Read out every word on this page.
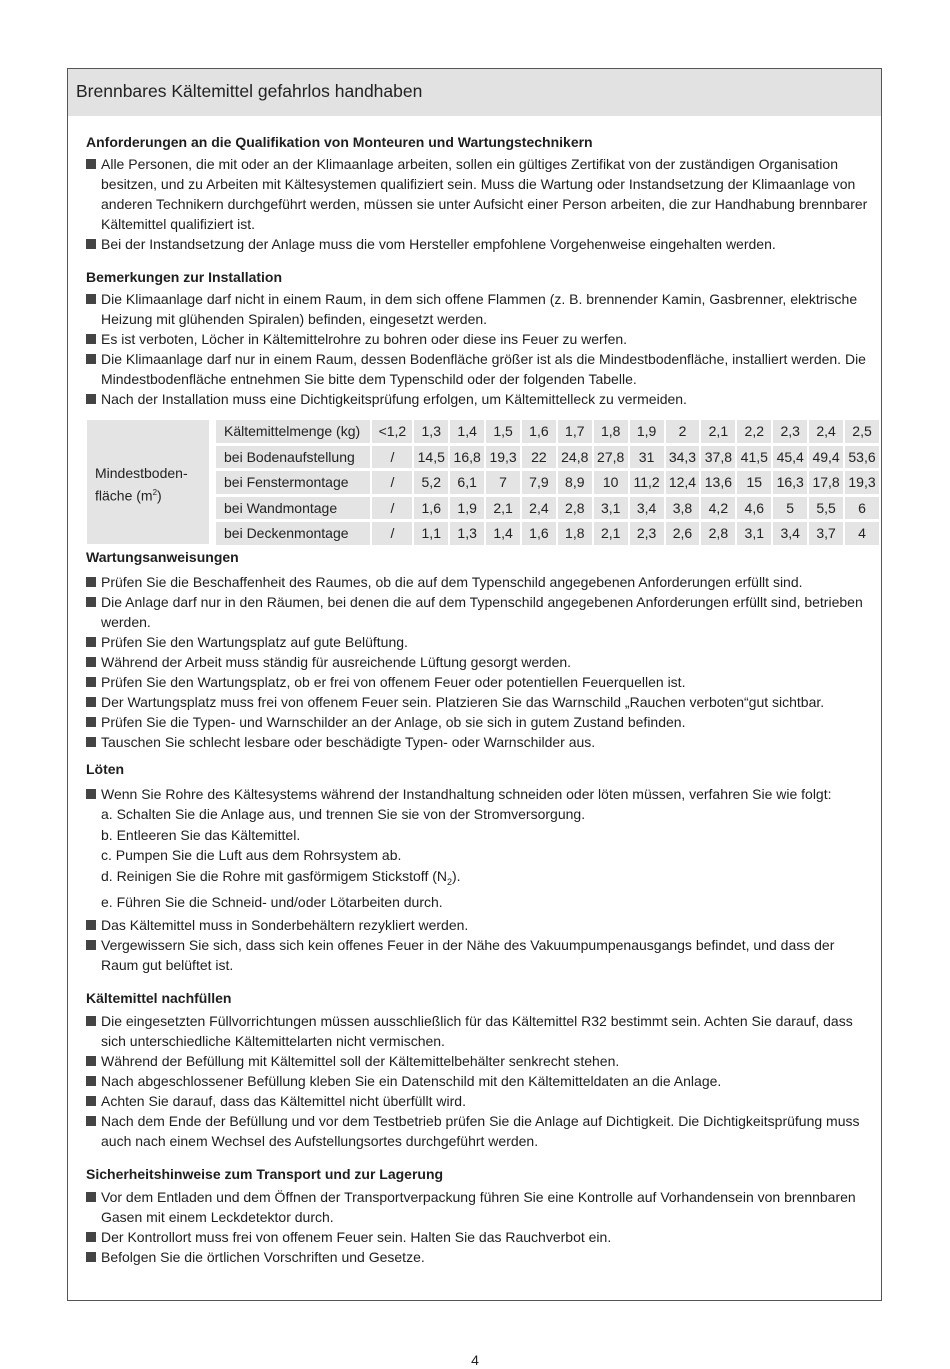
Brennbares Kältemittel gefahrlos handhaben
Anforderungen an die Qualifikation von Monteuren und Wartungstechnikern
Alle Personen, die mit oder an der Klimaanlage arbeiten, sollen ein gültiges Zertifikat von der zuständigen Organisation besitzen, und zu Arbeiten mit Kältesystemen qualifiziert sein. Muss die Wartung oder Instandsetzung der Klimaanlage von anderen Technikern durchgeführt werden, müssen sie unter Aufsicht einer Person arbeiten, die zur Handhabung brennbarer Kältemittel qualifiziert ist.
Bei der Instandsetzung der Anlage muss die vom Hersteller empfohlene Vorgehenweise eingehalten werden.
Bemerkungen zur Installation
Die Klimaanlage darf nicht in einem Raum, in dem sich offene Flammen (z. B. brennender Kamin, Gasbrenner, elektrische Heizung mit glühenden Spiralen) befinden, eingesetzt werden.
Es ist verboten, Löcher in Kältemittelrohre zu bohren oder diese ins Feuer zu werfen.
Die Klimaanlage darf nur in einem Raum, dessen Bodenfläche größer ist als die Mindestbodenfläche, installiert werden. Die Mindestbodenfläche entnehmen Sie bitte dem Typenschild oder der folgenden Tabelle.
Nach der Installation muss eine Dichtigkeitsprüfung erfolgen, um Kältemittelleck zu vermeiden.
Mindestboden-
fläche $(m^2)$
Kältemittelmenge (kg)	<1,2	1,3	1,4	1,5	1,6	1,7	1,8	1,9	2	2,1	2,2	2,3	2,4	2,5
bei Bodenaufstellung	/	14,5	16,8	19,3	22	24,8	27,8	31	34,3	37,8	41,5	45,4	49,4	53,6
bei Fenstermontage	/	5,2	6,1	7	7,9	8,9	10	11,2	12,4	13,6	15	16,3	17,8	19,3
bei Wandmontage	/	1,6	1,9	2,1	2,4	2,8	3,1	3,4	3,8	4,2	4,6	5	5,5	6
bei Deckenmontage	/	1,1	1,3	1,4	1,6	1,8	2,1	2,3	2,6	2,8	3,1	3,4	3,7	4
Wartungsanweisungen
Prüfen Sie die Beschaffenheit des Raumes, ob die auf dem Typenschild angegebenen Anforderungen erfüllt sind.
Die Anlage darf nur in den Räumen, bei denen die auf dem Typenschild angegebenen Anforderungen erfüllt sind, betrieben werden.
Prüfen Sie den Wartungsplatz auf gute Belüftung.
Während der Arbeit muss ständig für ausreichende Lüftung gesorgt werden.
Prüfen Sie den Wartungsplatz, ob er frei von offenem Feuer oder potentiellen Feuerquellen ist.
Der Wartungsplatz muss frei von offenem Feuer sein. Platzieren Sie das Warnschild „Rauchen verboten“gut sichtbar.
Prüfen Sie die Typen- und Warnschilder an der Anlage, ob sie sich in gutem Zustand befinden.
Tauschen Sie schlecht lesbare oder beschädigte Typen- oder Warnschilder aus.
Löten
Wenn Sie Rohre des Kältesystems während der Instandhaltung schneiden oder löten müssen, verfahren Sie wie folgt:
a. Schalten Sie die Anlage aus, und trennen Sie sie von der Stromversorgung.
b. Entleeren Sie das Kältemittel.
c. Pumpen Sie die Luft aus dem Rohrsystem ab.
d. Reinigen Sie die Rohre mit gasförmigem Stickstoff $(N_2)$.
e. Führen Sie die Schneid- und/oder Lötarbeiten durch.
Das Kältemittel muss in Sonderbehältern rezykliert werden.
Vergewissern Sie sich, dass sich kein offenes Feuer in der Nähe des Vakuumpumpenausgangs befindet, und dass der Raum gut belüftet ist.
Kältemittel nachfüllen
Die eingesetzten Füllvorrichtungen müssen ausschließlich für das Kältemittel R32 bestimmt sein. Achten Sie darauf, dass sich unterschiedliche Kältemittelarten nicht vermischen.
Während der Befüllung mit Kältemittel soll der Kältemittelbehälter senkrecht stehen.
Nach abgeschlossener Befüllung kleben Sie ein Datenschild mit den Kältemitteldaten an die Anlage.
Achten Sie darauf, dass das Kältemittel nicht überfüllt wird.
Nach dem Ende der Befüllung und vor dem Testbetrieb prüfen Sie die Anlage auf Dichtigkeit. Die Dichtigkeitsprüfung muss auch nach einem Wechsel des Aufstellungsortes durchgeführt werden.
Sicherheitshinweise zum Transport und zur Lagerung
Vor dem Entladen und dem Öffnen der Transportverpackung führen Sie eine Kontrolle auf Vorhandensein von brennbaren Gasen mit einem Leckdetektor durch.
Der Kontrollort muss frei von offenem Feuer sein. Halten Sie das Rauchverbot ein.
Befolgen Sie die örtlichen Vorschriften und Gesetze.
4
